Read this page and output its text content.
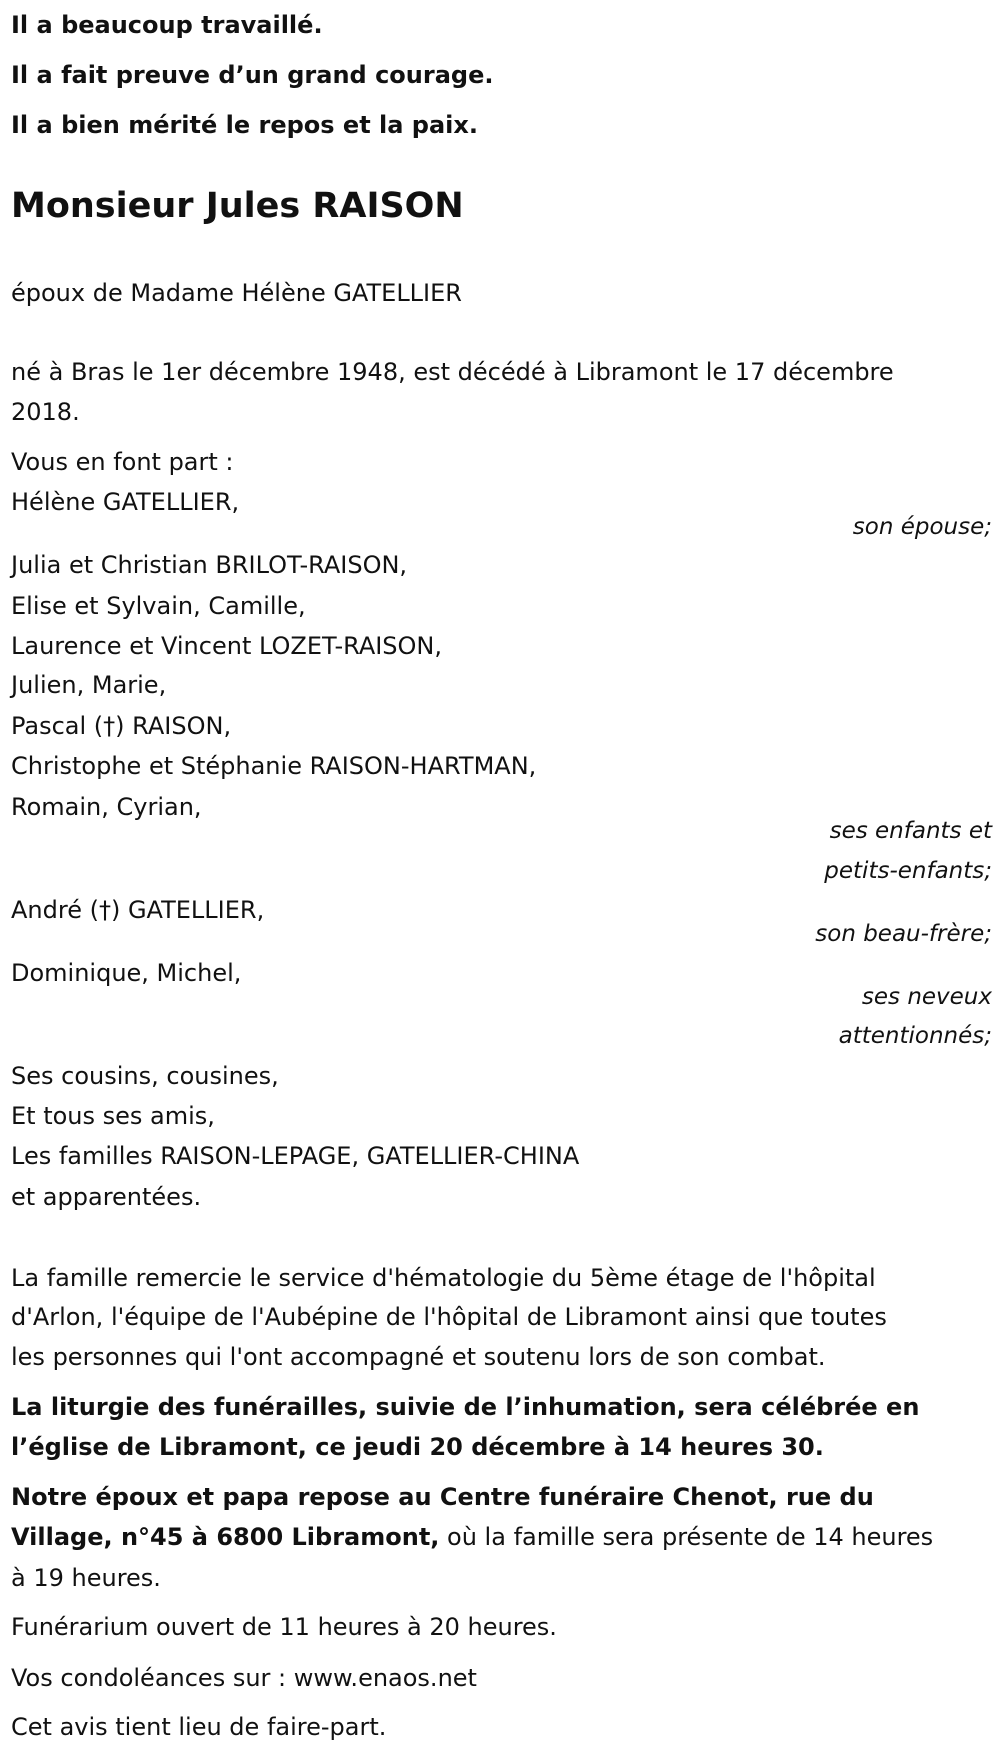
Il a beaucoup travaillé.
Il a fait preuve d’un grand courage.
Il a bien mérité le repos et la paix.
Monsieur Jules RAISON
époux de Madame Hélène GATELLIER
né à Bras le 1er décembre 1948, est décédé à Libramont le 17 décembre
2018.
Vous en font part :
Hélène GATELLIER,
son épouse;
Julia et Christian BRILOT-RAISON,
Elise et Sylvain, Camille,
Laurence et Vincent LOZET-RAISON,
Julien, Marie,
Pascal (†) RAISON,
Christophe et Stéphanie RAISON-HARTMAN,
Romain, Cyrian,
ses enfants et
petits-enfants;
André (†) GATELLIER,
son beau-frère;
Dominique, Michel,
ses neveux
attentionnés;
Ses cousins, cousines,
Et tous ses amis,
Les familles RAISON-LEPAGE, GATELLIER-CHINA
et apparentées.
La famille remercie le service d'hématologie du 5ème étage de l'hôpital
d'Arlon, l'équipe de l'Aubépine de l'hôpital de Libramont ainsi que toutes
les personnes qui l'ont accompagné et soutenu lors de son combat.
La liturgie des funérailles, suivie de l’inhumation, sera célébrée en
l’église de Libramont, ce jeudi 20 décembre à 14 heures 30.
Notre époux et papa repose au Centre funéraire Chenot, rue du
Village, n°45 à 6800 Libramont, où la famille sera présente de 14 heures
à 19 heures.
Funérarium ouvert de 11 heures à 20 heures.
Vos condoléances sur : www.enaos.net
Cet avis tient lieu de faire-part.
